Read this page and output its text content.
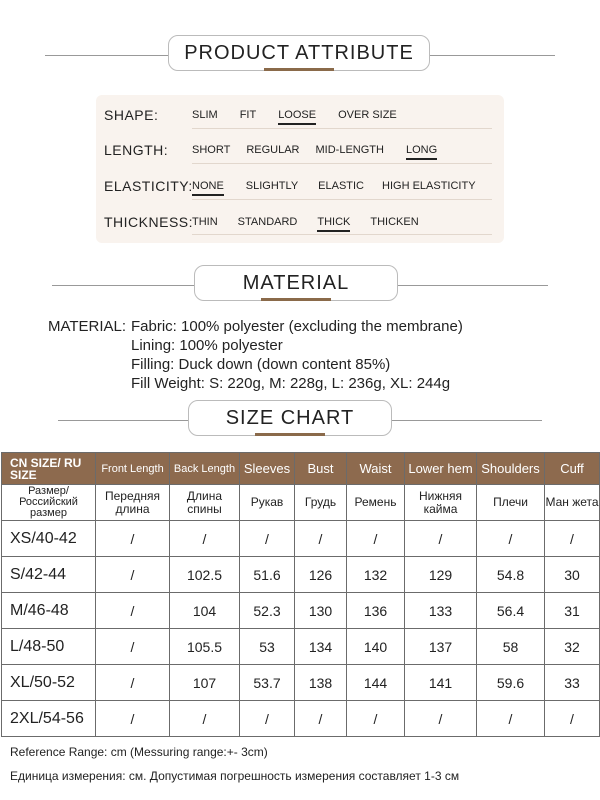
PRODUCT ATTRIBUTE
SHAPE:	SLIM FIT LOOSE OVER SIZE
LENGTH:	SHORT REGULAR MID-LENGTH LONG
ELASTICITY: NONE SLIGHTLY ELASTIC HIGH ELASTICITY
THICKNESS:
THIN STANDARD THICK THICKEN
MATERIAL
MATERIAL: Fabric: 100% polyester (excluding the membrane)
Lining: 100% polyester
Filling: Duck down (down content 85%)
Fill Weight: S: 220g, M: 228g, L: 236g, XL: 244g
SIZE CHART
CN SIZE/ RU SIZE	Front Length	Back Length	Sleeves	Bust	Waist	Lower hem	Shoulders	Cuff
Размер/ Российский размер	Передняя длина	Длина спины	Рукав	Грудь	Ремень	Нижняя кайма	Плечи	Ман жета
XS/40-42	/	/	/	/	/	/	/	/
S/42-44	/	102.5	51.6	126	132	129	54.8	30
M/46-48	/	104	52.3	130	136	133	56.4	31
L/48-50	/	105.5	53	134	140	137	58	32
XL/50-52	/	107	53.7	138	144	141	59.6	33
2XL/54-56	/	/	/	/	/	/	/	/
Reference Range: cm (Messuring range:+- 3cm)
Единица измерения: см. Допустимая погрешность измерения составляет 1-3 см
